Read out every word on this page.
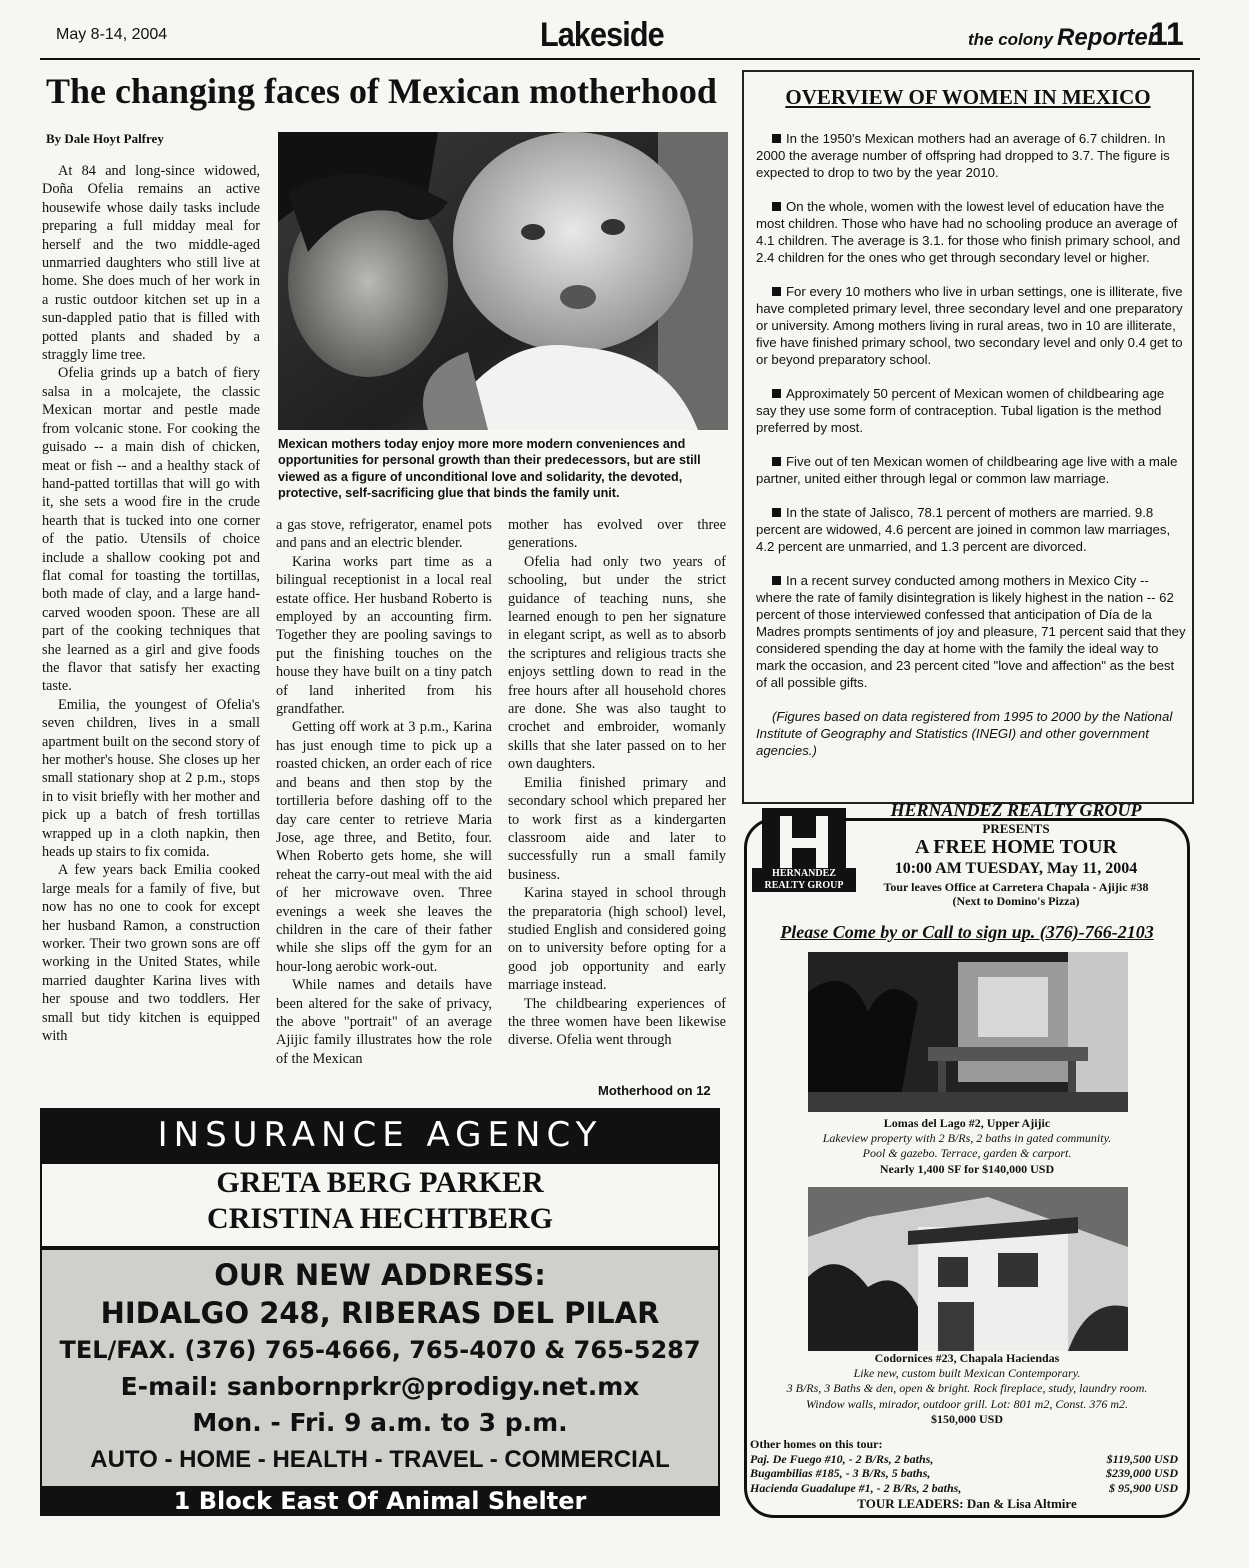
May 8-14, 2004	Lakeside	the colony Reporter
11
The changing faces of Mexican motherhood
By Dale Hoyt Palfrey

At 84 and long-since widowed, Doña Ofelia remains an active housewife whose daily tasks include preparing a full midday meal for herself and the two middle-aged unmarried daughters who still live at home. She does much of her work in a rustic outdoor kitchen set up in a sun-dappled patio that is filled with potted plants and shaded by a straggly lime tree.

Ofelia grinds up a batch of fiery salsa in a molcajete, the classic Mexican mortar and pestle made from volcanic stone. For cooking the guisado -- a main dish of chicken, meat or fish -- and a healthy stack of hand-patted tortillas that will go with it, she sets a wood fire in the crude hearth that is tucked into one corner of the patio. Utensils of choice include a shallow cooking pot and flat comal for toasting the tortillas, both made of clay, and a large hand-carved wooden spoon. These are all part of the cooking techniques that she learned as a girl and give foods the flavor that satisfy her exacting taste.

Emilia, the youngest of Ofelia's seven children, lives in a small apartment built on the second story of her mother's house. She closes up her small stationary shop at 2 p.m., stops in to visit briefly with her mother and pick up a batch of fresh tortillas wrapped up in a cloth napkin, then heads up stairs to fix comida.

A few years back Emilia cooked large meals for a family of five, but now has no one to cook for except her husband Ramon, a construction worker. Their two grown sons are off working in the United States, while married daughter Karina lives with her spouse and two toddlers. Her small but tidy kitchen is equipped with

Mexican mothers today enjoy more more modern conveniences and opportunities for personal growth than their predecessors, but are still viewed as a figure of unconditional love and solidarity, the devoted, protective, self-sacrificing glue that binds the family unit.

a gas stove, refrigerator, enamel pots and pans and an electric blender.

Karina works part time as a bilingual receptionist in a local real estate office. Her husband Roberto is employed by an accounting firm. Together they are pooling savings to put the finishing touches on the house they have built on a tiny patch of land inherited from his grandfather.

Getting off work at 3 p.m., Karina has just enough time to pick up a roasted chicken, an order each of rice and beans and then stop by the tortilleria before dashing off to the day care center to retrieve Maria Jose, age three, and Betito, four. When Roberto gets home, she will reheat the carry-out meal with the aid of her microwave oven. Three evenings a week she leaves the children in the care of their father while she slips off the gym for an hour-long aerobic work-out.

While names and details have been altered for the sake of privacy, the above "portrait" of an average Ajijic family illustrates how the role of the Mexican

mother has evolved over three generations.

Ofelia had only two years of schooling, but under the strict guidance of teaching nuns, she learned enough to pen her signature in elegant script, as well as to absorb the scriptures and religious tracts she enjoys settling down to read in the free hours after all household chores are done. She was also taught to crochet and embroider, womanly skills that she later passed on to her own daughters.

Emilia finished primary and secondary school which prepared her to work first as a kindergarten classroom aide and later to successfully run a small family business.

Karina stayed in school through the preparatoria (high school) level, studied English and considered going on to university before opting for a good job opportunity and early marriage instead.

The childbearing experiences of the three women have been likewise diverse. Ofelia went through

Motherhood on 12
OVERVIEW OF WOMEN IN MEXICO

In the 1950's Mexican mothers had an average of 6.7 children. In 2000 the average number of offspring had dropped to 3.7. The figure is expected to drop to two by the year 2010.

On the whole, women with the lowest level of education have the most children. Those who have had no schooling produce an average of 4.1 children. The average is 3.1. for those who finish primary school, and 2.4 children for the ones who get through secondary level or higher.

For every 10 mothers who live in urban settings, one is illiterate, five have completed primary level, three secondary level and one preparatory or university. Among mothers living in rural areas, two in 10 are illiterate, five have finished primary school, two secondary level and only 0.4 get to or beyond preparatory school.

Approximately 50 percent of Mexican women of childbearing age say they use some form of contraception. Tubal ligation is the method preferred by most.

Five out of ten Mexican women of childbearing age live with a male partner, united either through legal or common law marriage.

In the state of Jalisco, 78.1 percent of mothers are married. 9.8 percent are widowed, 4.6 percent are joined in common law marriages, 4.2 percent are unmarried, and 1.3 percent are divorced.

In a recent survey conducted among mothers in Mexico City -- where the rate of family disintegration is likely highest in the nation -- 62 percent of those interviewed confessed that anticipation of Día de la Madres prompts sentiments of joy and pleasure, 71 percent said that they considered spending the day at home with the family the ideal way to mark the occasion, and 23 percent cited "love and affection" as the best of all possible gifts.

(Figures based on data registered from 1995 to 2000 by the National Institute of Geography and Statistics (INEGI) and other government agencies.)

HERNANDEZ REALTY GROUP
HERNANDEZ REALTY GROUP
PRESENTS
A FREE HOME TOUR
10:00 AM TUESDAY, May 11, 2004
Tour leaves Office at Carretera Chapala - Ajijic #38
(Next to Domino's Pizza)
Please Come by or Call to sign up. (376)-766-2103
Lomas del Lago #2, Upper Ajijic
Lakeview property with 2 B/Rs, 2 baths in gated community.
Pool & gazebo. Terrace, garden & carport.
Nearly 1,400 SF for $140,000 USD
Codornices #23, Chapala Haciendas
Like new, custom built Mexican Contemporary.
3 B/Rs, 3 Baths & den, open & bright. Rock fireplace, study, laundry room.
Window walls, mirador, outdoor grill. Lot: 801 m2, Const. 376 m2.
$150,000 USD
Other homes on this tour:
Paj. De Fuego #10, - 2 B/Rs, 2 baths,	$119,500 USD
Bugambilias #185, - 3 B/Rs, 5 baths,	$239,000 USD
Hacienda Guadalupe #1, - 2 B/Rs, 2 baths,	$ 95,900 USD
TOUR LEADERS: Dan & Lisa Altmire
INSURANCE AGENCY
GRETA BERG PARKER
CRISTINA HECHTBERG
OUR NEW ADDRESS:
HIDALGO 248, RIBERAS DEL PILAR
TEL/FAX. (376) 765-4666, 765-4070 & 765-5287
E-mail: sanbornprkr@prodigy.net.mx
Mon. - Fri. 9 a.m. to 3 p.m.
AUTO - HOME - HEALTH - TRAVEL - COMMERCIAL
1 Block East Of Animal Shelter
